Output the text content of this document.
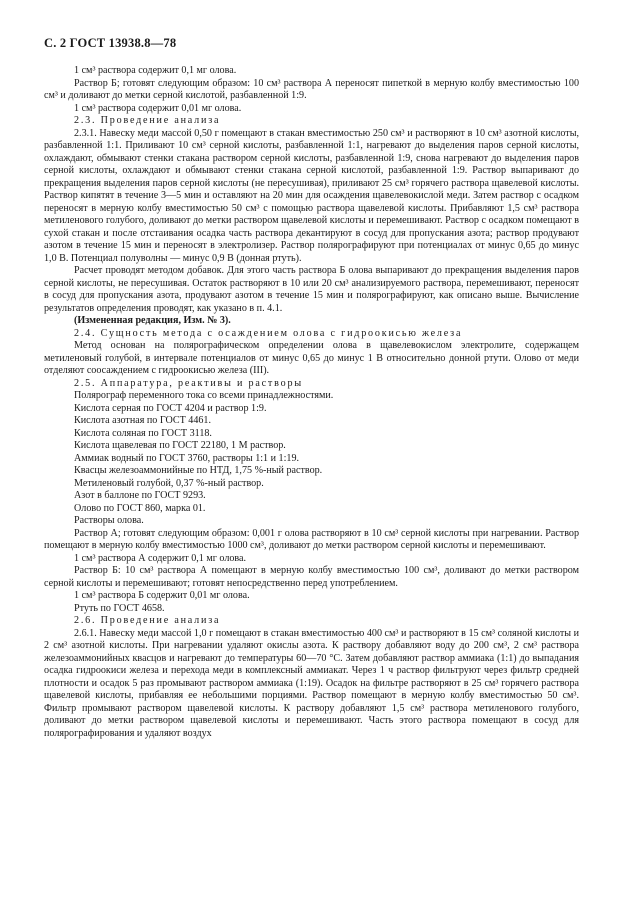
С. 2 ГОСТ 13938.8—78

1 см³ раствора содержит 0,1 мг олова.

Раствор Б; готовят следующим образом: 10 см³ раствора А переносят пипеткой в мерную колбу вместимостью 100 см³ и доливают до метки серной кислотой, разбавленной 1:9.

1 см³ раствора содержит 0,01 мг олова.

2.3. Проведение анализа

2.3.1. Навеску меди массой 0,50 г помещают в стакан вместимостью 250 см³ и растворяют в 10 см³ азотной кислоты, разбавленной 1:1. Приливают 10 см³ серной кислоты, разбавленной 1:1, нагревают до выделения паров серной кислоты, охлаждают, обмывают стенки стакана раствором серной кислоты, разбавленной 1:9, снова нагревают до выделения паров серной кислоты, охлаждают и обмывают стенки стакана серной кислотой, разбавленной 1:9. Раствор выпаривают до прекращения выделения паров серной кислоты (не пересушивая), приливают 25 см³ горячего раствора щавелевой кислоты. Раствор кипятят в течение 3—5 мин и оставляют на 20 мин для осаждения щавелевокислой меди. Затем раствор с осадком переносят в мерную колбу вместимостью 50 см³ с помощью раствора щавелевой кислоты. Прибавляют 1,5 см³ раствора метиленового голубого, доливают до метки раствором щавелевой кислоты и перемешивают. Раствор с осадком помещают в сухой стакан и после отстаивания осадка часть раствора декантируют в сосуд для пропускания азота; раствор продувают азотом в течение 15 мин и переносят в электролизер. Раствор полярографируют при потенциалах от минус 0,65 до минус 1,0 В. Потенциал полуволны — минус 0,9 В (донная ртуть).

Расчет проводят методом добавок. Для этого часть раствора Б олова выпаривают до прекращения выделения паров серной кислоты, не пересушивая. Остаток растворяют в 10 или 20 см³ анализируемого раствора, перемешивают, переносят в сосуд для пропускания азота, продувают азотом в течение 15 мин и полярографируют, как описано выше. Вычисление результатов определения проводят, как указано в п. 4.1.

(Измененная редакция, Изм. № 3).

2.4. Сущность метода с осаждением олова с гидроокисью железа

Метод основан на полярографическом определении олова в щавелевокислом электролите, содержащем метиленовый голубой, в интервале потенциалов от минус 0,65 до минус 1 В относительно донной ртути. Олово от меди отделяют соосаждением с гидроокисью железа (III).

2.5. Аппаратура, реактивы и растворы

Полярограф переменного тока со всеми принадлежностями.

Кислота серная по ГОСТ 4204 и раствор 1:9.

Кислота азотная по ГОСТ 4461.

Кислота соляная по ГОСТ 3118.

Кислота щавелевая по ГОСТ 22180, 1 М раствор.

Аммиак водный по ГОСТ 3760, растворы 1:1 и 1:19.

Квасцы железоаммонийные по НТД, 1,75 %-ный раствор.

Метиленовый голубой, 0,37 %-ный раствор.

Азот в баллоне по ГОСТ 9293.

Олово по ГОСТ 860, марка 01.

Растворы олова.

Раствор А; готовят следующим образом: 0,001 г олова растворяют в 10 см³ серной кислоты при нагревании. Раствор помещают в мерную колбу вместимостью 1000 см³, доливают до метки раствором серной кислоты и перемешивают.

1 см³ раствора А содержит 0,1 мг олова.

Раствор Б: 10 см³ раствора А помещают в мерную колбу вместимостью 100 см³, доливают до метки раствором серной кислоты и перемешивают; готовят непосредственно перед употреблением.

1 см³ раствора Б содержит 0,01 мг олова.

Ртуть по ГОСТ 4658.

2.6. Проведение анализа

2.6.1. Навеску меди массой 1,0 г помещают в стакан вместимостью 400 см³ и растворяют в 15 см³ соляной кислоты и 2 см³ азотной кислоты. При нагревании удаляют окислы азота. К раствору добавляют воду до 200 см³, 2 см³ раствора железоаммонийных квасцов и нагревают до температуры 60—70 °С. Затем добавляют раствор аммиака (1:1) до выпадания осадка гидроокиси железа и перехода меди в комплексный аммиакат. Через 1 ч раствор фильтруют через фильтр средней плотности и осадок 5 раз промывают раствором аммиака (1:19). Осадок на фильтре растворяют в 25 см³ горячего раствора щавелевой кислоты, прибавляя ее небольшими порциями. Раствор помещают в мерную колбу вместимостью 50 см³. Фильтр промывают раствором щавелевой кислоты. К раствору добавляют 1,5 см³ раствора метиленового голубого, доливают до метки раствором щавелевой кислоты и перемешивают. Часть этого раствора помещают в сосуд для полярографирования и удаляют воздух
